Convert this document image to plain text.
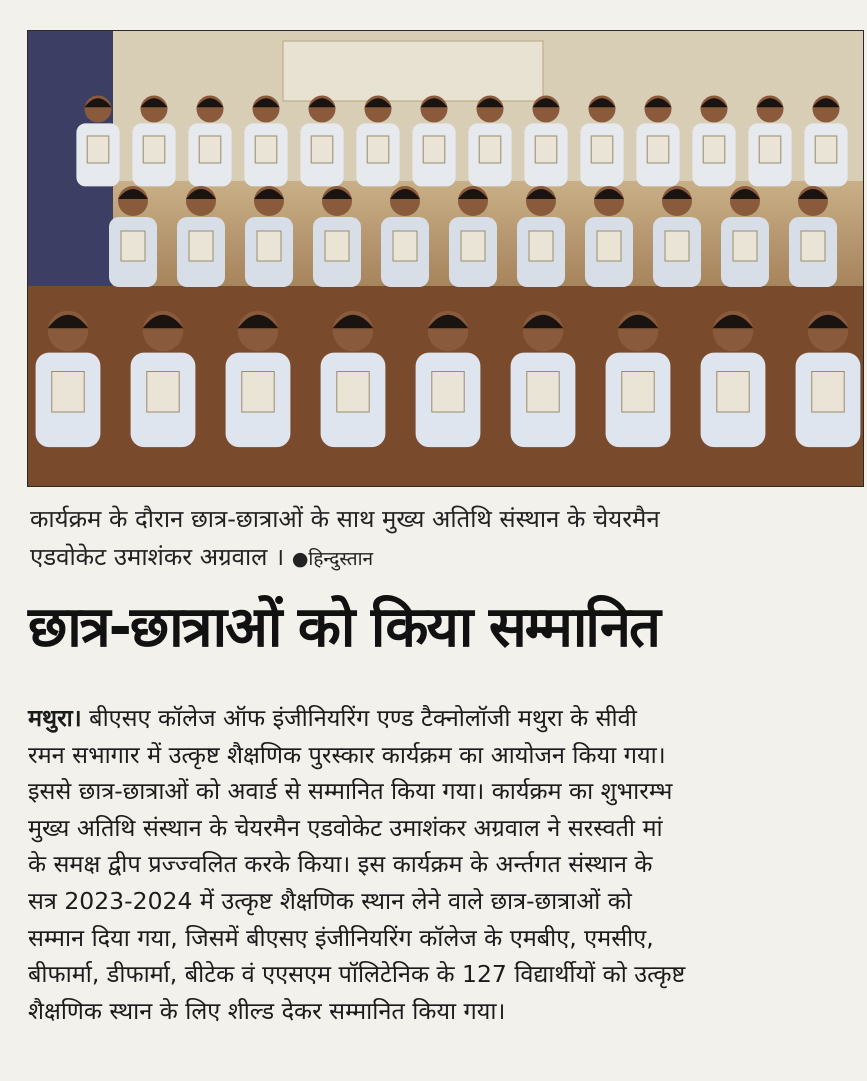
कार्यक्रम के दौरान छात्र-छात्राओं के साथ मुख्य अतिथि संस्थान के चेयरमैन
एडवोकेट उमाशंकर अग्रवाल । ●हिन्दुस्तान
छात्र-छात्राओं को किया सम्मानित
मथुरा। बीएसए कॉलेज ऑफ इंजीनियरिंग एण्ड टैक्नोलॉजी मथुरा के सीवी
रमन सभागार में उत्कृष्ट शैक्षणिक पुरस्कार कार्यक्रम का आयोजन किया गया।
इससे छात्र-छात्राओं को अवार्ड से सम्मानित किया गया। कार्यक्रम का शुभारम्भ
मुख्य अतिथि संस्थान के चेयरमैन एडवोकेट उमाशंकर अग्रवाल ने सरस्वती मां
के समक्ष द्वीप प्रज्ज्वलित करके किया। इस कार्यक्रम के अर्न्तगत संस्थान के
सत्र 2023-2024 में उत्कृष्ट शैक्षणिक स्थान लेने वाले छात्र-छात्राओं को
सम्मान दिया गया, जिसमें बीएसए इंजीनियरिंग कॉलेज के एमबीए, एमसीए,
बीफार्मा, डीफार्मा, बीटेक वं एएसएम पॉलिटेनिक के 127 विद्यार्थीयों को उत्कृष्ट
शैक्षणिक स्थान के लिए शील्ड देकर सम्मानित किया गया।
